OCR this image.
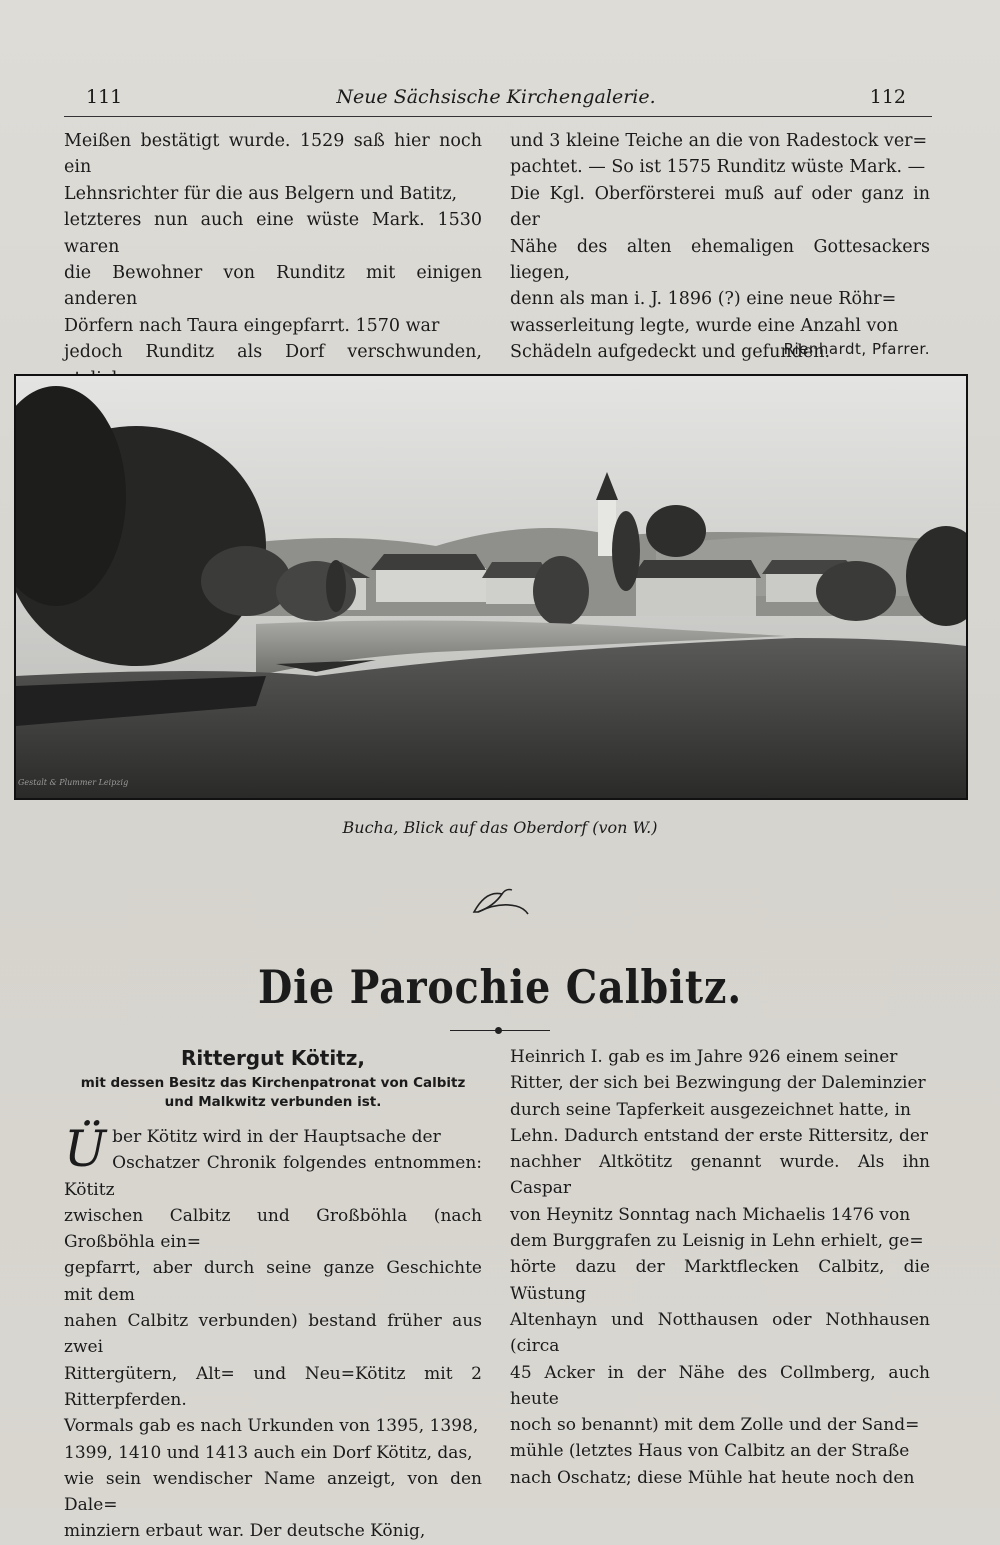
111	Neue Sächsische Kirchengalerie.	112

Meißen bestätigt wurde. 1529 saß hier noch ein
Lehnsrichter für die aus Belgern und Batitz,
letzteres nun auch eine wüste Mark. 1530 waren
die Bewohner von Runditz mit einigen anderen
Dörfern nach Taura eingepfarrt. 1570 war
jedoch Runditz als Dorf verschwunden,

und 3 kleine Teiche an die von Radestock ver=
pachtet. — So ist 1575 Runditz wüste Mark. —
Die Kgl. Oberförsterei muß auf oder ganz in der
Nähe des alten ehemaligen Gottesackers liegen,
denn als man i. J. 1896 (?) eine neue Röhr=
wasserleitung legte, wurde eine Anzahl von
Schädeln aufgedeckt und gefunden.

Rienhardt, Pfarrer.
Gestalt & Plummer Leipzig
Bucha, Blick auf das Oberdorf (von W.)
Die Parochie Calbitz.
Rittergut Kötitz,
mit dessen Besitz das Kirchenpatronat von Calbitz
und Malkwitz verbunden ist.
Ü ber Kötitz wird in der Hauptsache der
Oschatzer Chronik folgendes entnommen: Kötitz
zwischen Calbitz und Großböhla (nach Großböhla ein=
gepfarrt, aber durch seine ganze Geschichte mit dem
nahen Calbitz verbunden) bestand früher aus zwei
Rittergütern, Alt= und Neu=Kötitz mit 2 Ritterpferden.
Vormals gab es nach Urkunden von 1395, 1398,
1399, 1410 und 1413 auch ein Dorf Kötitz, das,
wie sein wendischer Name anzeigt, von den Dale=
minziern erbaut war. Der deutsche König,

Heinrich I. gab es im Jahre 926 einem seiner
Ritter, der sich bei Bezwingung der Daleminzier
durch seine Tapferkeit ausgezeichnet hatte, in
Lehn. Dadurch entstand der erste Rittersitz, der
nachher Altkötitz genannt wurde. Als ihn Caspar
von Heynitz Sonntag nach Michaelis 1476 von
dem Burggrafen zu Leisnig in Lehn erhielt, ge=
hörte dazu der Marktflecken Calbitz, die Wüstung
Altenhayn und Notthausen oder Nothhausen (circa
45 Acker in der Nähe des Collmberg, auch heute
noch so benannt) mit dem Zolle und der Sand=
mühle (letztes Haus von Calbitz an der Straße
nach Oschatz; diese Mühle hat heute noch den
